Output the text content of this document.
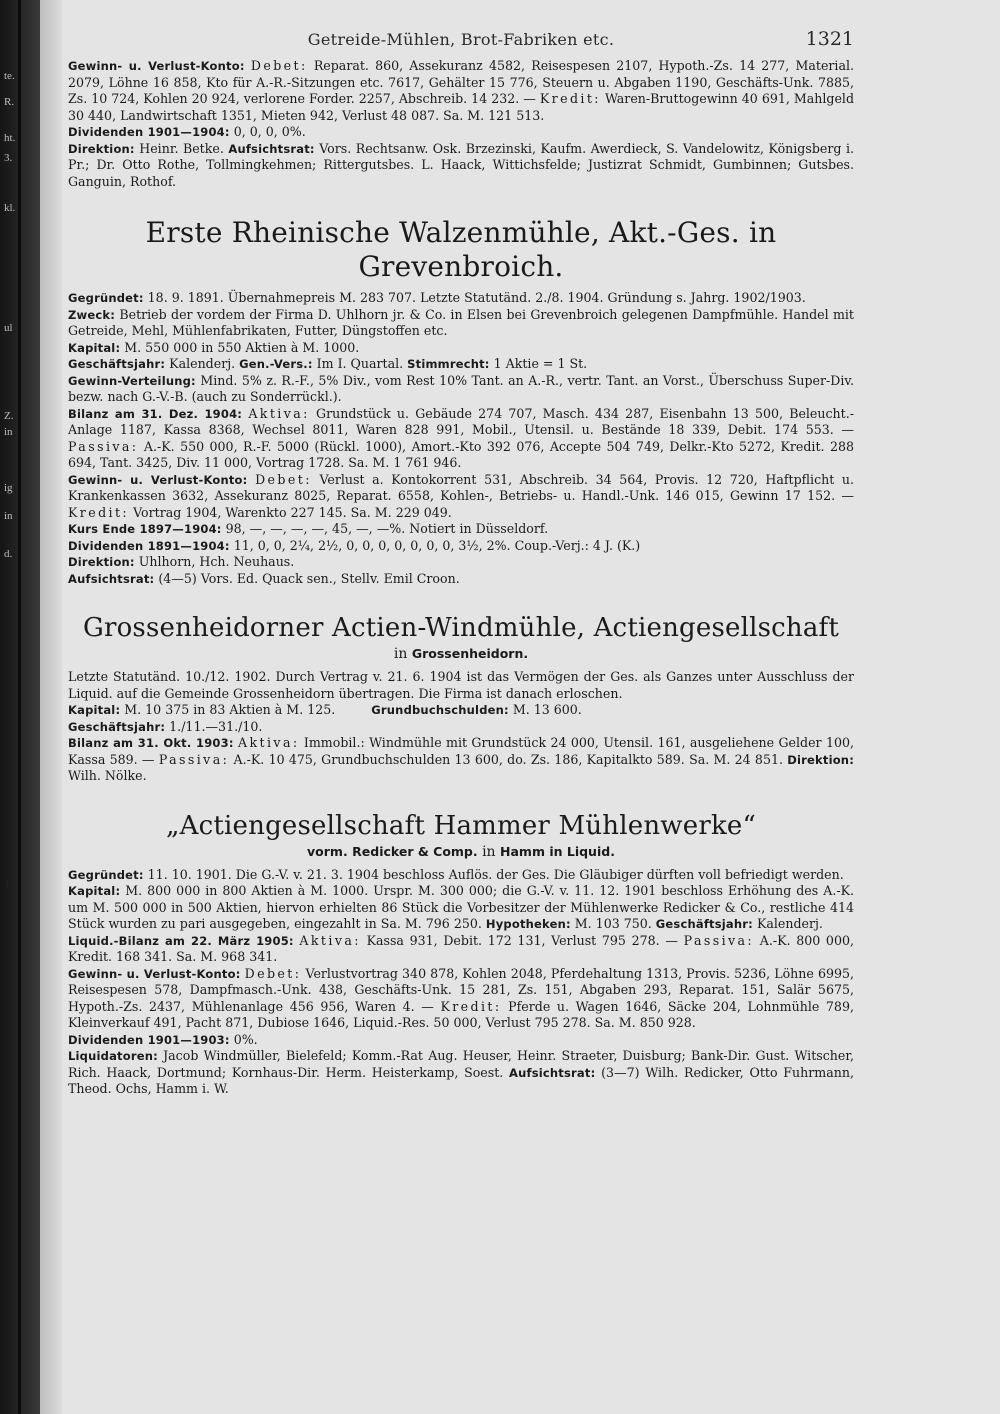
te.
R.
ht.
3.
kl.
ul
Z.
in
ig
in
d.
)
Getreide-Mühlen, Brot-Fabriken etc.	1321

Gewinn- u. Verlust-Konto: Debet: Reparat. 860, Assekuranz 4582, Reisespesen 2107, Hypoth.-Zs. 14 277, Material. 2079, Löhne 16 858, Kto für A.-R.-Sitzungen etc. 7617, Gehälter 15 776, Steuern u. Abgaben 1190, Geschäfts-Unk. 7885, Zs. 10 724, Kohlen 20 924, verlorene Forder. 2257, Abschreib. 14 232. — Kredit: Waren-Bruttogewinn 40 691, Mahlgeld 30 440, Landwirtschaft 1351, Mieten 942, Verlust 48 087. Sa. M. 121 513.

Dividenden 1901—1904: 0, 0, 0, 0%.

Direktion: Heinr. Betke. Aufsichtsrat: Vors. Rechtsanw. Osk. Brzezinski, Kaufm. Awerdieck, S. Vandelowitz, Königsberg i. Pr.; Dr. Otto Rothe, Tollmingkehmen; Rittergutsbes. L. Haack, Wittichsfelde; Justizrat Schmidt, Gumbinnen; Gutsbes. Ganguin, Rothof.

Erste Rheinische Walzenmühle, Akt.-Ges. in Grevenbroich.

Gegründet: 18. 9. 1891. Übernahmepreis M. 283 707. Letzte Statutänd. 2./8. 1904. Gründung s. Jahrg. 1902/1903.

Zweck: Betrieb der vordem der Firma D. Uhlhorn jr. & Co. in Elsen bei Grevenbroich gelegenen Dampfmühle. Handel mit Getreide, Mehl, Mühlenfabrikaten, Futter, Düngstoffen etc.

Kapital: M. 550 000 in 550 Aktien à M. 1000.

Geschäftsjahr: Kalenderj. Gen.-Vers.: Im I. Quartal. Stimmrecht: 1 Aktie = 1 St.

Gewinn-Verteilung: Mind. 5% z. R.-F., 5% Div., vom Rest 10% Tant. an A.-R., vertr. Tant. an Vorst., Überschuss Super-Div. bezw. nach G.-V.-B. (auch zu Sonderrückl.).

Bilanz am 31. Dez. 1904: Aktiva: Grundstück u. Gebäude 274 707, Masch. 434 287, Eisenbahn 13 500, Beleucht.-Anlage 1187, Kassa 8368, Wechsel 8011, Waren 828 991, Mobil., Utensil. u. Bestände 18 339, Debit. 174 553. — Passiva: A.-K. 550 000, R.-F. 5000 (Rückl. 1000), Amort.-Kto 392 076, Accepte 504 749, Delkr.-Kto 5272, Kredit. 288 694, Tant. 3425, Div. 11 000, Vortrag 1728. Sa. M. 1 761 946.

Gewinn- u. Verlust-Konto: Debet: Verlust a. Kontokorrent 531, Abschreib. 34 564, Provis. 12 720, Haftpflicht u. Krankenkassen 3632, Assekuranz 8025, Reparat. 6558, Kohlen-, Betriebs- u. Handl.-Unk. 146 015, Gewinn 17 152. — Kredit: Vortrag 1904, Warenkto 227 145. Sa. M. 229 049.

Kurs Ende 1897—1904: 98, —, —, —, —, 45, —, —%. Notiert in Düsseldorf.

Dividenden 1891—1904: 11, 0, 0, 2¼, 2½, 0, 0, 0, 0, 0, 0, 0, 3½, 2%. Coup.-Verj.: 4 J. (K.)

Direktion: Uhlhorn, Hch. Neuhaus.

Aufsichtsrat: (4—5) Vors. Ed. Quack sen., Stellv. Emil Croon.

Grossenheidorner Actien-Windmühle, Actiengesellschaft
in Grossenheidorn.

Letzte Statutänd. 10./12. 1902. Durch Vertrag v. 21. 6. 1904 ist das Vermögen der Ges. als Ganzes unter Ausschluss der Liquid. auf die Gemeinde Grossenheidorn übertragen. Die Firma ist danach erloschen.

Kapital: M. 10 375 in 83 Aktien à M. 125.	Grundbuchschulden: M. 13 600.

Geschäftsjahr: 1./11.—31./10.

Bilanz am 31. Okt. 1903: Aktiva: Immobil.: Windmühle mit Grundstück 24 000, Utensil. 161, ausgeliehene Gelder 100, Kassa 589. — Passiva: A.-K. 10 475, Grundbuchschulden 13 600, do. Zs. 186, Kapitalkto 589. Sa. M. 24 851. Direktion: Wilh. Nölke.

„Actiengesellschaft Hammer Mühlenwerke“
vorm. Redicker & Comp. in Hamm in Liquid.

Gegründet: 11. 10. 1901. Die G.-V. v. 21. 3. 1904 beschloss Auflös. der Ges. Die Gläubiger dürften voll befriedigt werden.

Kapital: M. 800 000 in 800 Aktien à M. 1000. Urspr. M. 300 000; die G.-V. v. 11. 12. 1901 beschloss Erhöhung des A.-K. um M. 500 000 in 500 Aktien, hiervon erhielten 86 Stück die Vorbesitzer der Mühlenwerke Redicker & Co., restliche 414 Stück wurden zu pari ausgegeben, eingezahlt in Sa. M. 796 250. Hypotheken: M. 103 750. Geschäftsjahr: Kalenderj.

Liquid.-Bilanz am 22. März 1905: Aktiva: Kassa 931, Debit. 172 131, Verlust 795 278. — Passiva: A.-K. 800 000, Kredit. 168 341. Sa. M. 968 341.

Gewinn- u. Verlust-Konto: Debet: Verlustvortrag 340 878, Kohlen 2048, Pferdehaltung 1313, Provis. 5236, Löhne 6995, Reisespesen 578, Dampfmasch.-Unk. 438, Geschäfts-Unk. 15 281, Zs. 151, Abgaben 293, Reparat. 151, Salär 5675, Hypoth.-Zs. 2437, Mühlenanlage 456 956, Waren 4. — Kredit: Pferde u. Wagen 1646, Säcke 204, Lohnmühle 789, Kleinverkauf 491, Pacht 871, Dubiose 1646, Liquid.-Res. 50 000, Verlust 795 278. Sa. M. 850 928.

Dividenden 1901—1903: 0%.

Liquidatoren: Jacob Windmüller, Bielefeld; Komm.-Rat Aug. Heuser, Heinr. Straeter, Duisburg; Bank-Dir. Gust. Witscher, Rich. Haack, Dortmund; Kornhaus-Dir. Herm. Heisterkamp, Soest. Aufsichtsrat: (3—7) Wilh. Redicker, Otto Fuhrmann, Theod. Ochs, Hamm i. W.
